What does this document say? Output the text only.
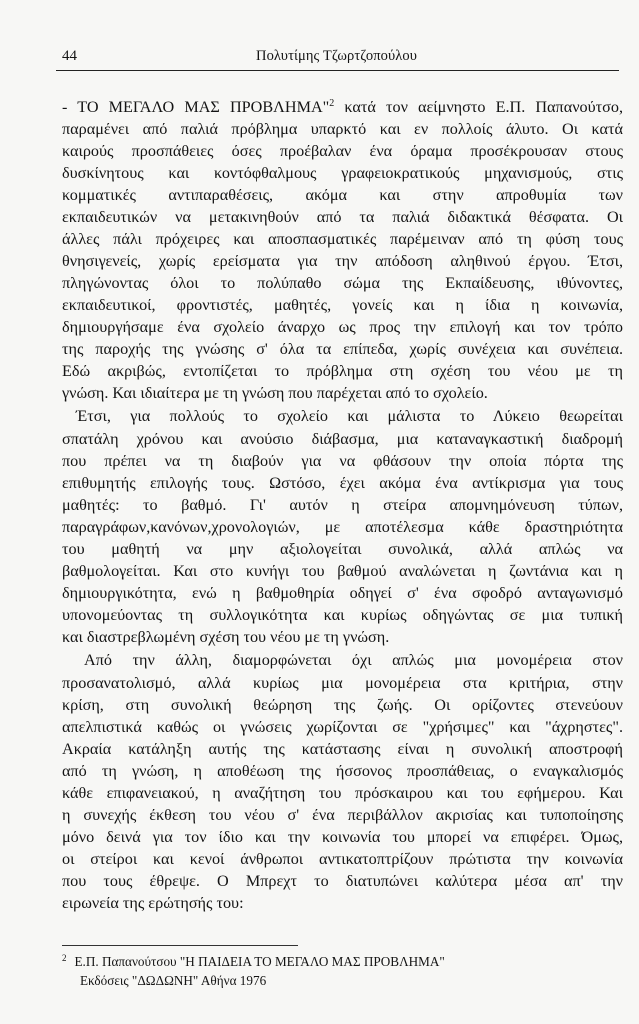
44	Πολυτίμης Τζωρτζοπούλου
- ΤΟ ΜΕΓΑΛΟ ΜΑΣ ΠΡΟΒΛΗΜΑ"$^2$ κατά τον αείμνηστο Ε.Π. Παπανούτσο,
παραμένει από παλιά πρόβλημα υπαρκτό και εν πολλοίς άλυτο. Οι κατά
καιρούς προσπάθειες όσες προέβαλαν ένα όραμα προσέκρουσαν στους
δυσκίνητους και κοντόφθαλμους γραφειοκρατικούς μηχανισμούς, στις
κομματικές αντιπαραθέσεις, ακόμα και στην απροθυμία των
εκπαιδευτικών να μετακινηθούν από τα παλιά διδακτικά θέσφατα. Οι
άλλες πάλι πρόχειρες και αποσπασματικές παρέμειναν από τη φύση τους
θνησιγενείς, χωρίς ερείσματα για την απόδοση αληθινού έργου. Έτσι,
πληγώνοντας όλοι το πολύπαθο σώμα της Εκπαίδευσης, ιθύνοντες,
εκπαιδευτικοί, φροντιστές, μαθητές, γονείς και η ίδια η κοινωνία,
δημιουργήσαμε ένα σχολείο άναρχο ως προς την επιλογή και τον τρόπο
της παροχής της γνώσης σ' όλα τα επίπεδα, χωρίς συνέχεια και συνέπεια.
Εδώ ακριβώς, εντοπίζεται το πρόβλημα στη σχέση του νέου με τη
γνώση. Και ιδιαίτερα με τη γνώση που παρέχεται από το σχολείο.
Έτσι, για πολλούς το σχολείο και μάλιστα το Λύκειο θεωρείται
σπατάλη χρόνου και ανούσιο διάβασμα, μια καταναγκαστική διαδρομή
που πρέπει να τη διαβούν για να φθάσουν την οποία πόρτα της
επιθυμητής επιλογής τους. Ωστόσο, έχει ακόμα ένα αντίκρισμα για τους
μαθητές: το βαθμό. Γι' αυτόν η στείρα απομνημόνευση τύπων,
παραγράφων,κανόνων,χρονολογιών, με αποτέλεσμα κάθε δραστηριότητα
του μαθητή να μην αξιολογείται συνολικά, αλλά απλώς να
βαθμολογείται. Και στο κυνήγι του βαθμού αναλώνεται η ζωντάνια και η
δημιουργικότητα, ενώ η βαθμοθηρία οδηγεί σ' ένα σφοδρό ανταγωνισμό
υπονομεύοντας τη συλλογικότητα και κυρίως οδηγώντας σε μια τυπική
και διαστρεβλωμένη σχέση του νέου με τη γνώση.
Από την άλλη, διαμορφώνεται όχι απλώς μια μονομέρεια στον
προσανατολισμό, αλλά κυρίως μια μονομέρεια στα κριτήρια, στην
κρίση, στη συνολική θεώρηση της ζωής. Οι ορίζοντες στενεύουν
απελπιστικά καθώς οι γνώσεις χωρίζονται σε "χρήσιμες" και "άχρηστες".
Ακραία κατάληξη αυτής της κατάστασης είναι η συνολική αποστροφή
από τη γνώση, η αποθέωση της ήσσονος προσπάθειας, ο εναγκαλισμός
κάθε επιφανειακού, η αναζήτηση του πρόσκαιρου και του εφήμερου. Και
η συνεχής έκθεση του νέου σ' ένα περιβάλλον ακρισίας και τυποποίησης
μόνο δεινά για τον ίδιο και την κοινωνία του μπορεί να επιφέρει. Όμως,
οι στείροι και κενοί άνθρωποι αντικατοπτρίζουν πρώτιστα την κοινωνία
που τους έθρεψε. Ο Μπρεχτ το διατυπώνει καλύτερα μέσα απ' την
ειρωνεία της ερώτησής του:
$^2$ Ε.Π. Παπανούτσου "Η ΠΑΙΔΕΙΑ ΤΟ ΜΕΓΑΛΟ ΜΑΣ ΠΡΟΒΛΗΜΑ"
Εκδόσεις "ΔΩΔΩΝΗ" Αθήνα 1976
